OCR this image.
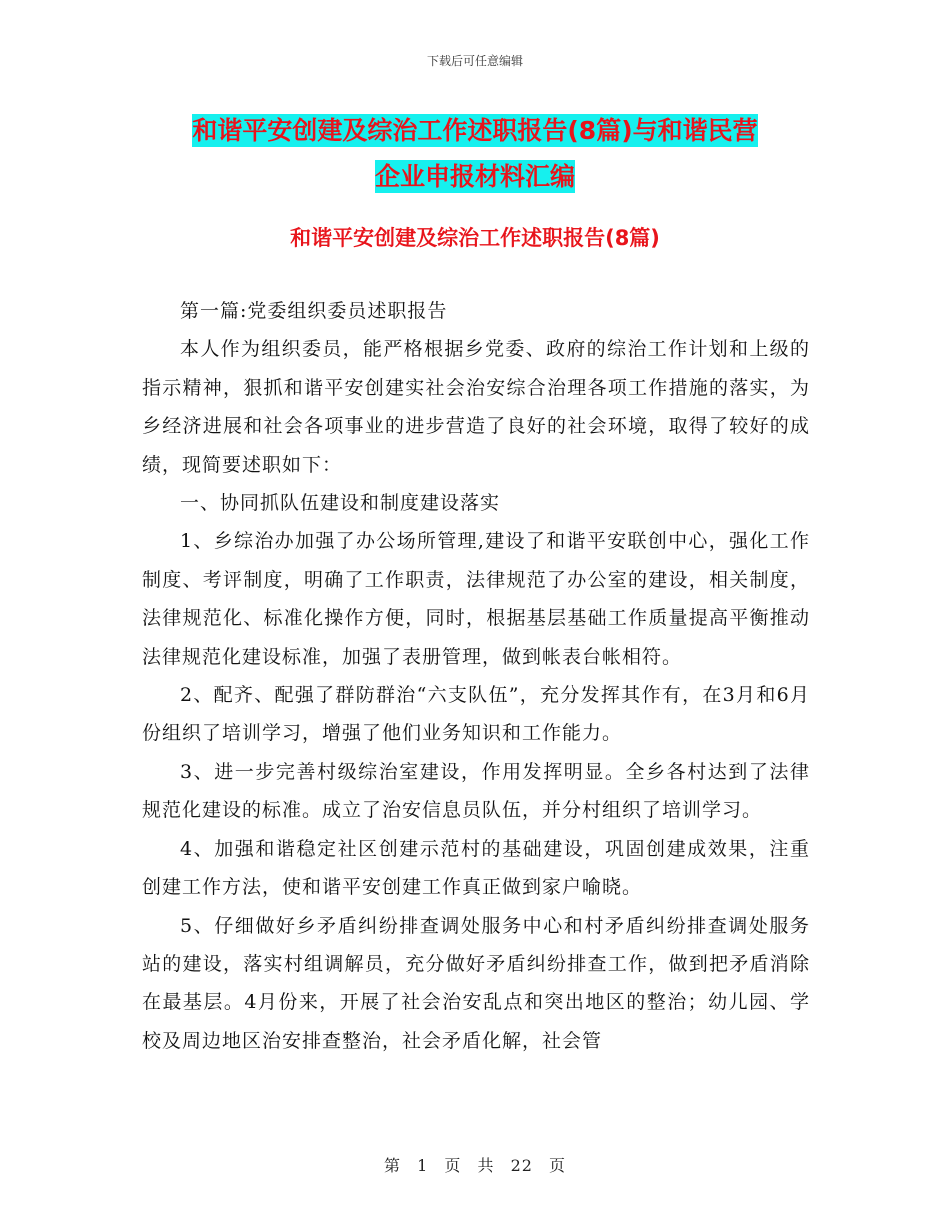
下载后可任意编辑
和谐平安创建及综治工作述职报告(8篇)与和谐民营
企业申报材料汇编
和谐平安创建及综治工作述职报告(8篇)

第一篇:党委组织委员述职报告

本人作为组织委员，能严格根据乡党委、政府的综治工作计划和上级的指示精神，狠抓和谐平安创建实社会治安综合治理各项工作措施的落实，为乡经济进展和社会各项事业的进步营造了良好的社会环境，取得了较好的成绩，现简要述职如下：

一、协同抓队伍建设和制度建设落实

1、乡综治办加强了办公场所管理,建设了和谐平安联创中心，强化工作制度、考评制度，明确了工作职责，法律规范了办公室的建设，相关制度，法律规范化、标准化操作方便，同时，根据基层基础工作质量提高平衡推动法律规范化建设标准，加强了表册管理，做到帐表台帐相符。

2、配齐、配强了群防群治“六支队伍”，充分发挥其作有，在3月和6月份组织了培训学习，增强了他们业务知识和工作能力。

3、进一步完善村级综治室建设，作用发挥明显。全乡各村达到了法律规范化建设的标准。成立了治安信息员队伍，并分村组织了培训学习。

4、加强和谐稳定社区创建示范村的基础建设，巩固创建成效果，注重创建工作方法，使和谐平安创建工作真正做到家户喻晓。

5、仔细做好乡矛盾纠纷排查调处服务中心和村矛盾纠纷排查调处服务站的建设，落实村组调解员，充分做好矛盾纠纷排查工作，做到把矛盾消除在最基层。4月份来，开展了社会治安乱点和突出地区的整治；幼儿园、学校及周边地区治安排查整治，社会矛盾化解，社会管

第 1 页 共 22 页
